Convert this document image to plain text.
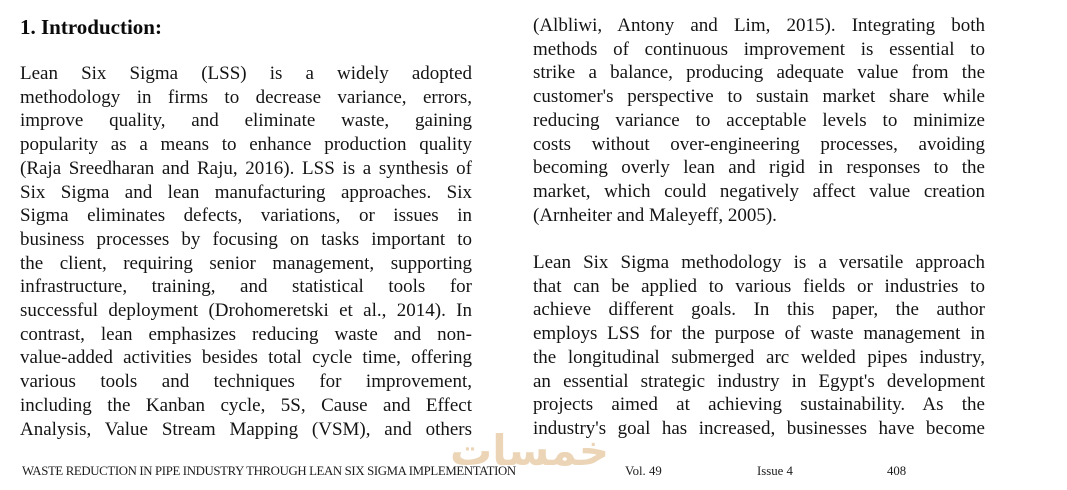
1. Introduction:
Lean Six Sigma (LSS) is a widely adopted
methodology in firms to decrease variance, errors,
improve quality, and eliminate waste, gaining
popularity as a means to enhance production quality
(Raja Sreedharan and Raju, 2016). LSS is a synthesis of
Six Sigma and lean manufacturing approaches. Six
Sigma eliminates defects, variations, or issues in
business processes by focusing on tasks important to
the client, requiring senior management, supporting
infrastructure, training, and statistical tools for
successful deployment (Drohomeretski et al., 2014). In
contrast, lean emphasizes reducing waste and non-
value-added activities besides total cycle time, offering
various tools and techniques for improvement,
including the Kanban cycle, 5S, Cause and Effect
Analysis, Value Stream Mapping (VSM), and others
(Albliwi, Antony and Lim, 2015). Integrating both
methods of continuous improvement is essential to
strike a balance, producing adequate value from the
customer's perspective to sustain market share while
reducing variance to acceptable levels to minimize
costs without over-engineering processes, avoiding
becoming overly lean and rigid in responses to the
market, which could negatively affect value creation
(Arnheiter and Maleyeff, 2005).
Lean Six Sigma methodology is a versatile approach
that can be applied to various fields or industries to
achieve different goals. In this paper, the author
employs LSS for the purpose of waste management in
the longitudinal submerged arc welded pipes industry,
an essential strategic industry in Egypt's development
projects aimed at achieving sustainability. As the
industry's goal has increased, businesses have become
خمسات
WASTE REDUCTION IN PIPE INDUSTRY THROUGH LEAN SIX SIGMA IMPLEMENTATION	Vol. 49	Issue 4	408
